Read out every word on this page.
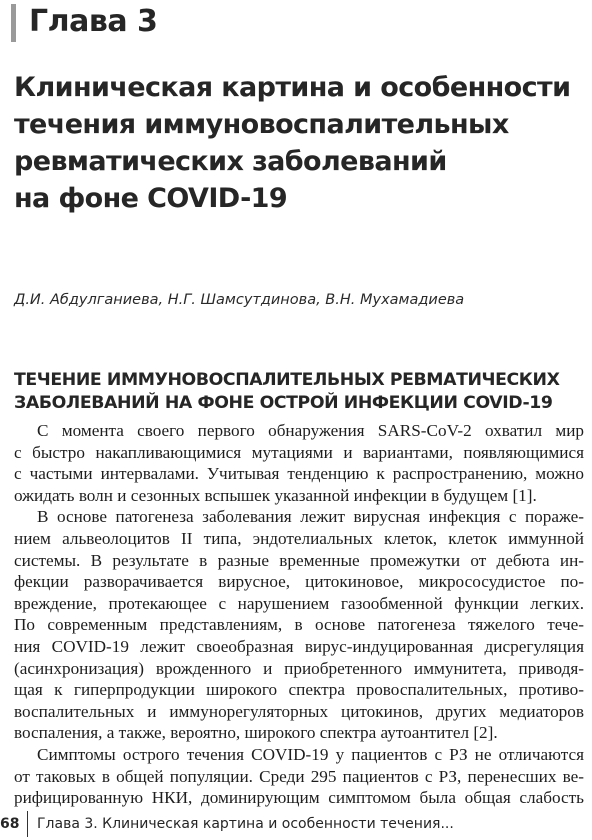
Глава 3
Клиническая картина и особенности
течения иммуновоспалительных
ревматических заболеваний
на фоне COVID-19
Д.И. Абдулганиева, Н.Г. Шамсутдинова, В.Н. Мухамадиева
ТЕЧЕНИЕ ИММУНОВОСПАЛИТЕЛЬНЫХ РЕВМАТИЧЕСКИХ
ЗАБОЛЕВАНИЙ НА ФОНЕ ОСТРОЙ ИНФЕКЦИИ COVID-19
С момента своего первого обнаружения SARS-CoV-2 охватил мир
с быстро накапливающимися мутациями и вариантами, появляющимися
с частыми интервалами. Учитывая тенденцию к распространению, можно
ожидать волн и сезонных вспышек указанной инфекции в будущем [1].
В основе патогенеза заболевания лежит вирусная инфекция с пораже-
нием альвеолоцитов II типа, эндотелиальных клеток, клеток иммунной
системы. В результате в разные временные промежутки от дебюта ин-
фекции разворачивается вирусное, цитокиновое, микрососудистое по-
вреждение, протекающее с нарушением газообменной функции легких.
По современным представлениям, в основе патогенеза тяжелого тече-
ния COVID-19 лежит своеобразная вирус-индуцированная дисрегуляция
(асинхронизация) врожденного и приобретенного иммунитета, приводя-
щая к гиперпродукции широкого спектра провоспалительных, противо-
воспалительных и иммунорегуляторных цитокинов, других медиаторов
воспаления, а также, вероятно, широкого спектра аутоантител [2].
Симптомы острого течения COVID-19 у пациентов с РЗ не отличаются
от таковых в общей популяции. Среди 295 пациентов с РЗ, перенесших ве-
рифицированную НКИ, доминирующим симптомом была общая слабость
68 Глава 3. Клиническая картина и особенности течения...
